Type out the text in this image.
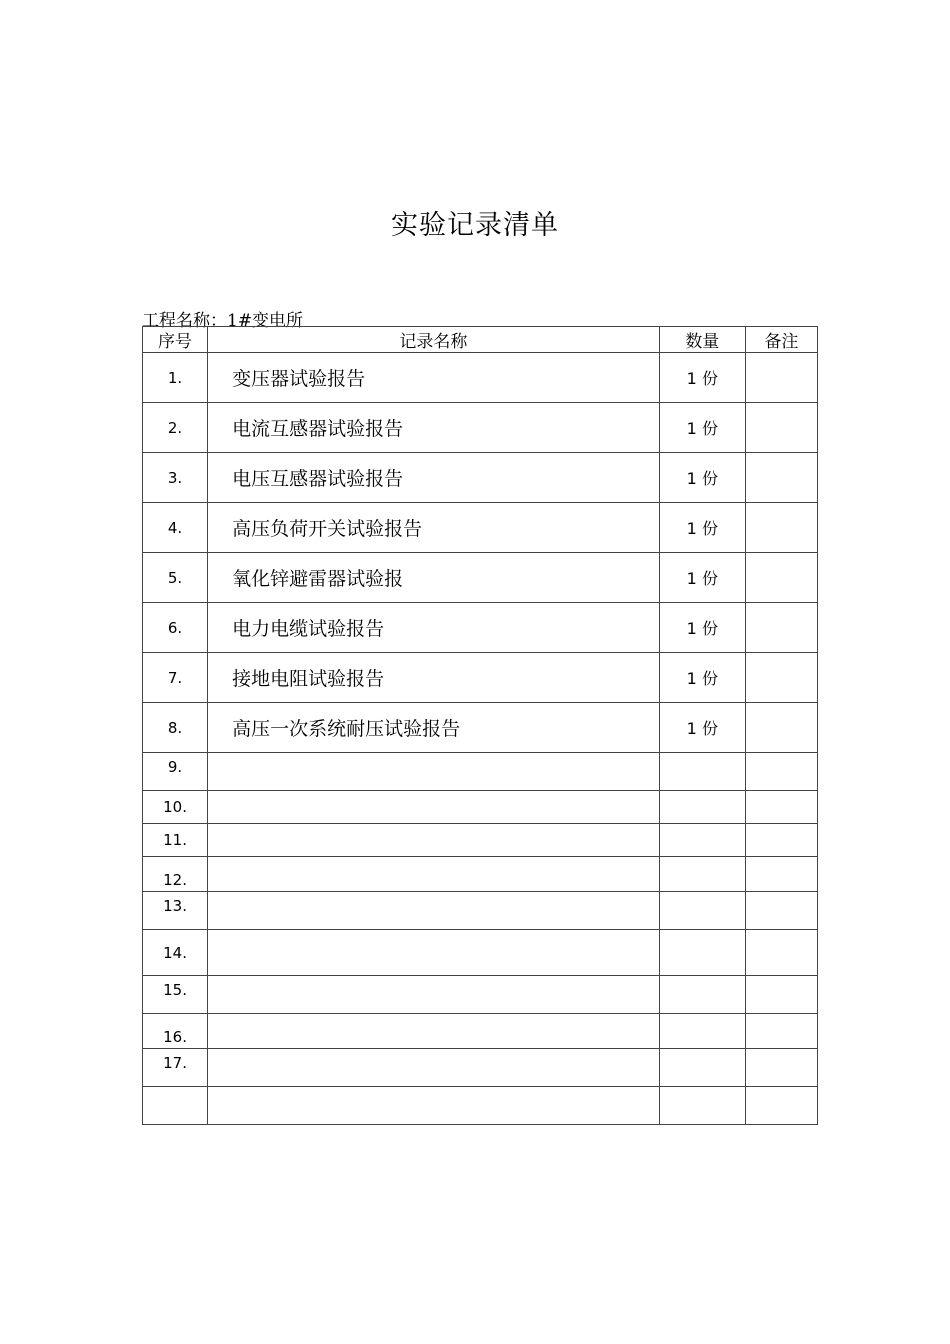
实验记录清单
工程名称：1#变电所
序号	记录名称	数量	备注
1.	变压器试验报告	1 份	
2.	电流互感器试验报告	1 份	
3.	电压互感器试验报告	1 份	
4.	高压负荷开关试验报告	1 份	
5.	氧化锌避雷器试验报	1 份	
6.	电力电缆试验报告	1 份	
7.	接地电阻试验报告	1 份	
8.	高压一次系统耐压试验报告	1 份	
9.			
10.			
11.			
12.			
13.			
14.			
15.			
16.			
17.			
